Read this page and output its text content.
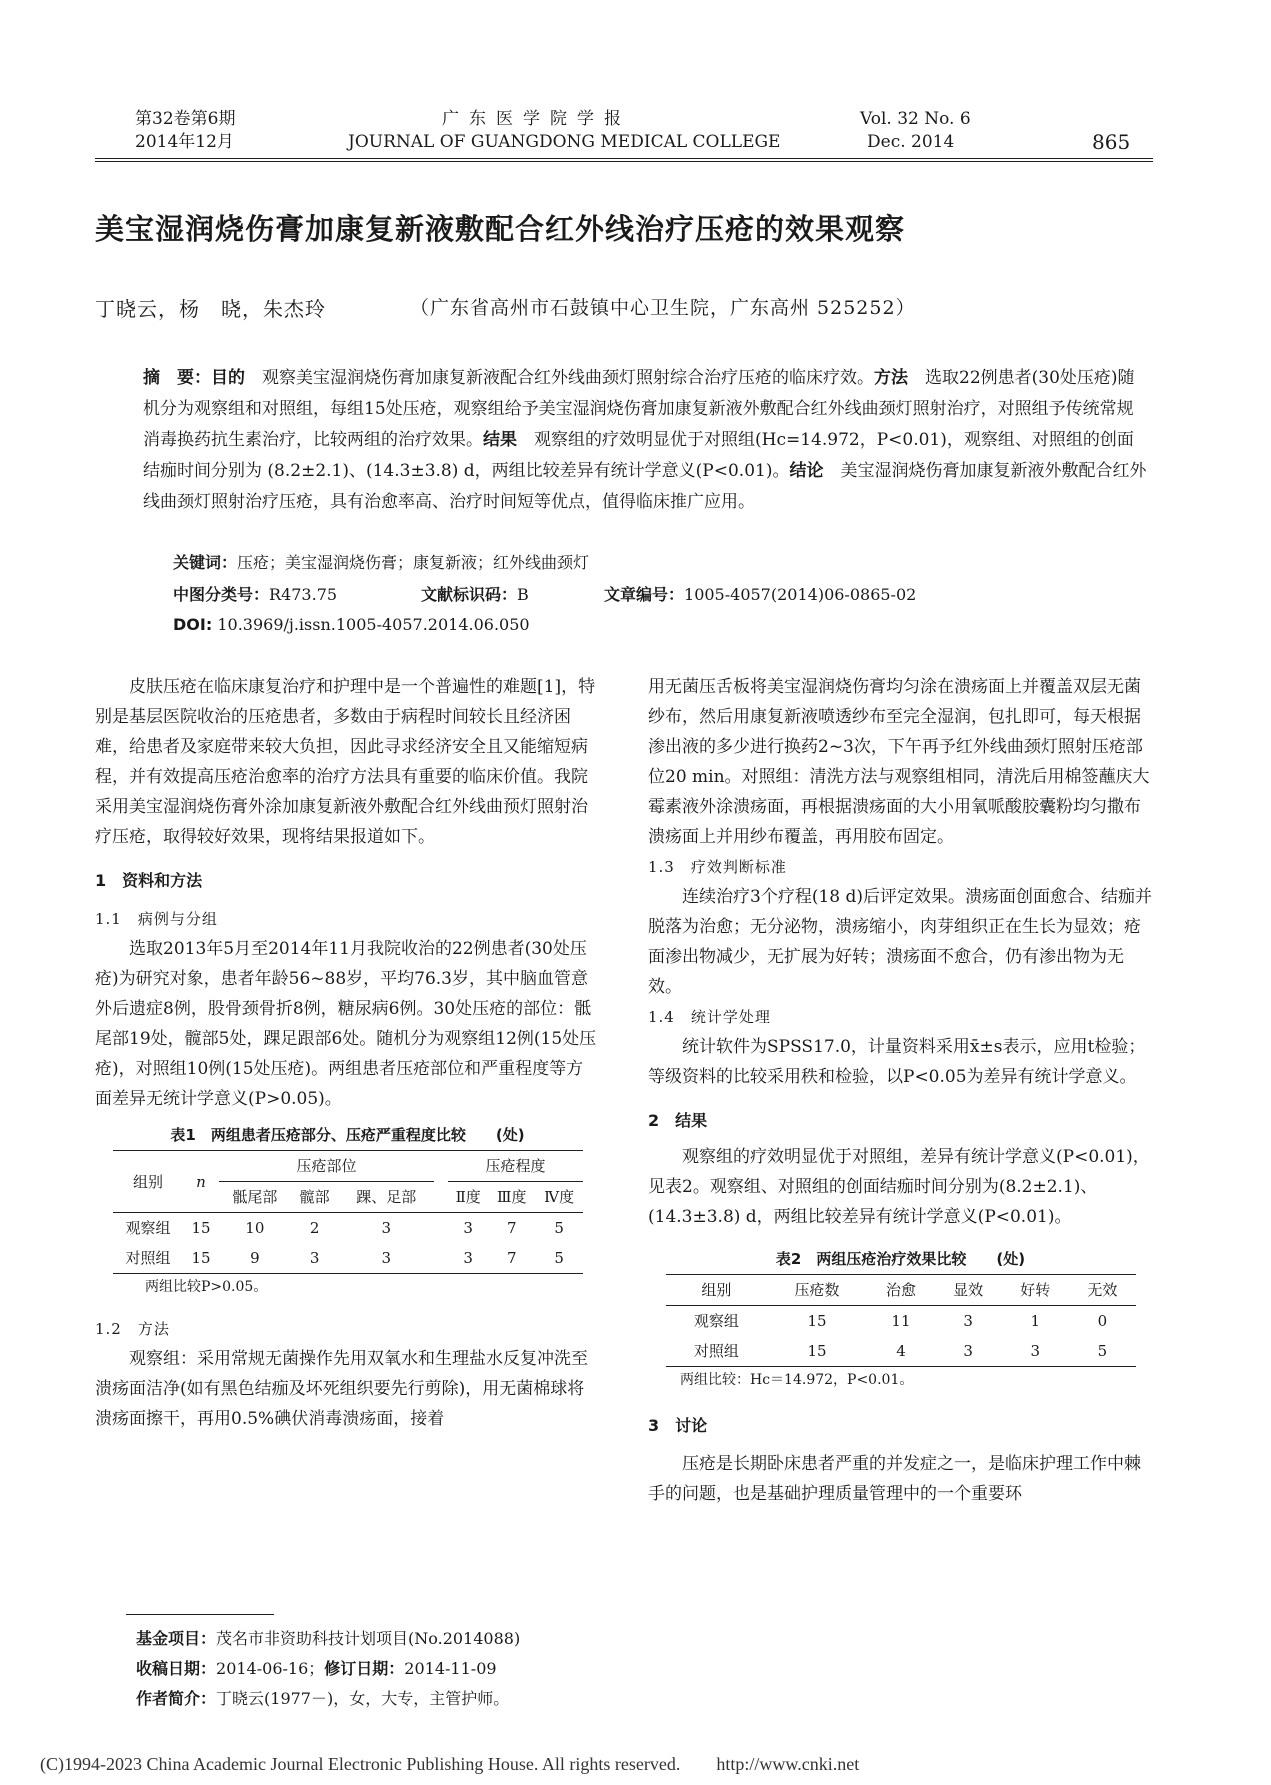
第32卷第6期
2014年12月
广东医学院学报
JOURNAL OF GUANGDONG MEDICAL COLLEGE
Vol. 32 No. 6
Dec. 2014	865
美宝湿润烧伤膏加康复新液敷配合红外线治疗压疮的效果观察
丁晓云，杨　晓，朱杰玲	（广东省高州市石鼓镇中心卫生院，广东高州 525252）
摘　要：目的　 观察美宝湿润烧伤膏加康复新液配合红外线曲颈灯照射综合治疗压疮的临床疗效。方法　 选取22例患者(30处压疮)随机分为观察组和对照组，每组15处压疮，观察组给予美宝湿润烧伤膏加康复新液外敷配合红外线曲颈灯照射治疗，对照组予传统常规消毒换药抗生素治疗，比较两组的治疗效果。结果　 观察组的疗效明显优于对照组(Hc=14.972，P<0.01)，观察组、对照组的创面结痂时间分别为 (8.2±2.1)、(14.3±3.8) d，两组比较差异有统计学意义(P<0.01)。结论　 美宝湿润烧伤膏加康复新液外敷配合红外线曲颈灯照射治疗压疮，具有治愈率高、治疗时间短等优点，值得临床推广应用。
关键词：压疮；美宝湿润烧伤膏；康复新液；红外线曲颈灯
中图分类号：R473.75	文献标识码：B	文章编号：1005-4057(2014)06-0865-02
DOI: 10.3969/j.issn.1005-4057.2014.06.050

皮肤压疮在临床康复治疗和护理中是一个普遍性的难题[1]，特别是基层医院收治的压疮患者，多数由于病程时间较长且经济困难，给患者及家庭带来较大负担，因此寻求经济安全且又能缩短病程，并有效提高压疮治愈率的治疗方法具有重要的临床价值。我院采用美宝湿润烧伤膏外涂加康复新液外敷配合红外线曲预灯照射治疗压疮，取得较好效果，现将结果报道如下。

1　资料和方法
1.1　病例与分组

选取2013年5月至2014年11月我院收治的22例患者(30处压疮)为研究对象，患者年龄56~88岁，平均76.3岁，其中脑血管意外后遗症8例，股骨颈骨折8例，糖尿病6例。30处压疮的部位：骶尾部19处，髋部5处，踝足跟部6处。随机分为观察组12例(15处压疮)，对照组10例(15处压疮)。两组患者压疮部位和严重程度等方面差异无统计学意义(P>0.05)。

表1　两组患者压疮部分、压疮严重程度比较　　(处)
组别	n	压疮部位				压疮程度		
		骶尾部	髋部	踝、足部		Ⅱ度	Ⅲ度	Ⅳ度
观察组	15	10	2	3		3	7	5
对照组	15	9	3	3		3	7	5
两组比较P>0.05。
1.2　方法

观察组：采用常规无菌操作先用双氧水和生理盐水反复冲洗至溃疡面洁净(如有黑色结痂及坏死组织要先行剪除)，用无菌棉球将溃疡面擦干，再用0.5%碘伏消毒溃疡面，接着

基金项目：茂名市非资助科技计划项目(No.2014088)
收稿日期：2014-06-16；修订日期：2014-11-09
作者简介：丁晓云(1977－)，女，大专，主管护师。

用无菌压舌板将美宝湿润烧伤膏均匀涂在溃疡面上并覆盖双层无菌纱布，然后用康复新液喷透纱布至完全湿润，包扎即可，每天根据渗出液的多少进行换药2~3次，下午再予红外线曲颈灯照射压疮部位20 min。对照组：清洗方法与观察组相同，清洗后用棉签蘸庆大霉素液外涂溃疡面，再根据溃疡面的大小用氧哌酸胶囊粉均匀撒布溃疡面上并用纱布覆盖，再用胶布固定。

1.3　疗效判断标准

连续治疗3个疗程(18 d)后评定效果。溃疡面创面愈合、结痂并脱落为治愈；无分泌物，溃疡缩小，肉芽组织正在生长为显效；疮面渗出物减少，无扩展为好转；溃疡面不愈合，仍有渗出物为无效。

1.4　统计学处理

统计软件为SPSS17.0，计量资料采用x̄±s表示，应用t检验；等级资料的比较采用秩和检验，以P<0.05为差异有统计学意义。

2　结果

观察组的疗效明显优于对照组，差异有统计学意义(P<0.01)，见表2。观察组、对照组的创面结痂时间分别为(8.2±2.1)、(14.3±3.8) d，两组比较差异有统计学意义(P<0.01)。

表2　两组压疮治疗效果比较　　(处)
组别	压疮数	治愈	显效	好转	无效
观察组	15	11	3	1	0
对照组	15	4	3	3	5
两组比较：Hc＝14.972，P<0.01。
3　讨论

压疮是长期卧床患者严重的并发症之一，是临床护理工作中棘手的问题，也是基础护理质量管理中的一个重要环

(C)1994-2023 China Academic Journal Electronic Publishing House. All rights reserved.　　http://www.cnki.net
